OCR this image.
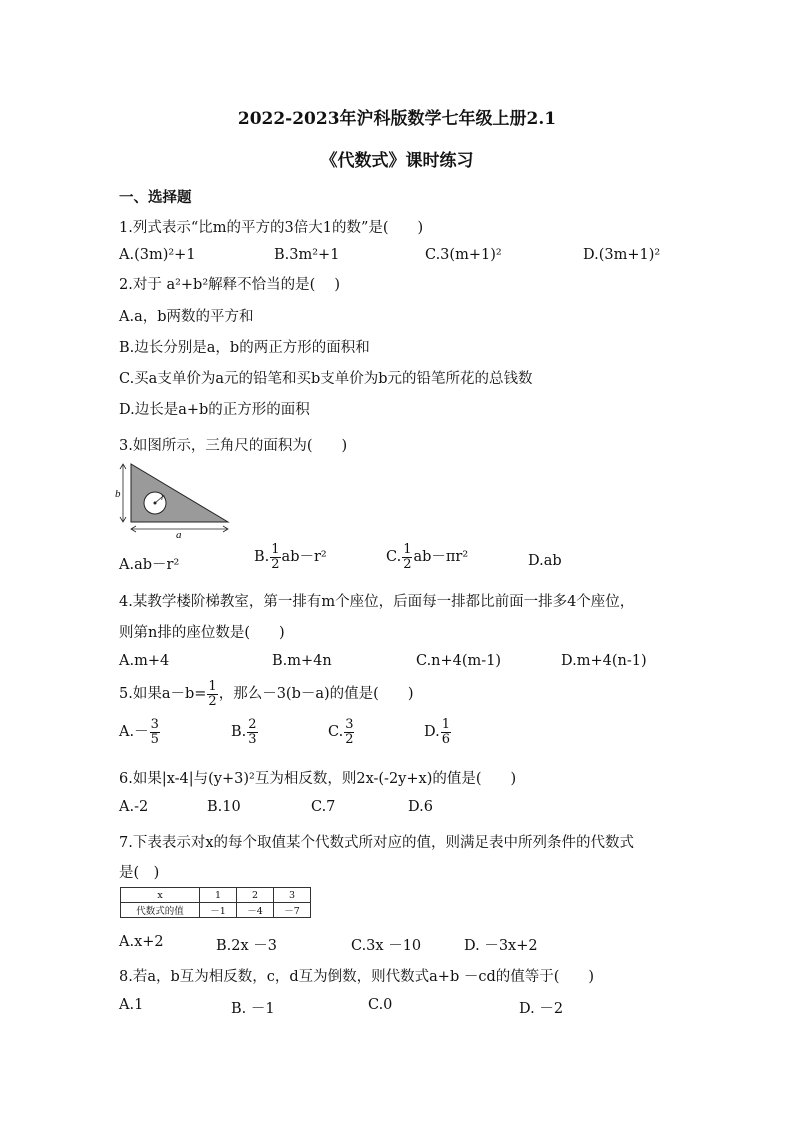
2022-2023年沪科版数学七年级上册2.1
《代数式》课时练习
一、选择题
1.列式表示“比m的平方的3倍大1的数”是(　　)
A.(3m)²+1	B.3m²+1	C.3(m+1)²	D.(3m+1)²
2.对于 a²+b²解释不恰当的是(　 )
A.a，b两数的平方和
B.边长分别是a，b的两正方形的面积和
C.买a支单价为a元的铅笔和买b支单价为b元的铅笔所花的总钱数
D.边长是a+b的正方形的面积
3.如图所示，三角尺的面积为(　　)
b	r
a
A.ab－r²	B. $\frac{1}{2} ab-r^2$	C. $\frac{1}{2} ab-\pi r^2$	D.ab
4.某教学楼阶梯教室，第一排有m个座位，后面每一排都比前面一排多4个座位，
则第n排的座位数是(　　)
A.m+4	B.m+4n	C.n+4(m-1)	D.m+4(n-1)
5.如果$a-b= \frac{1}{2}$ ，那么－3(b－a)的值是(　　)
$A.- \frac{3}{5}$	B. $\frac{2}{3}$	C. $\frac{3}{2}$	D. $\frac{1}{6}$
6.如果|x-4|与(y+3)²互为相反数，则2x-(-2y+x)的值是(　　)
A.-2	B.10	C.7	D.6
7.下表表示对x的每个取值某个代数式所对应的值，则满足表中所列条件的代数式
是(　)
x	1	2	3
代数式的值	－1	－4	－7
A.x+2	B.2x －3	C.3x －10	D. －3x+2
8.若a，b互为相反数，c，d互为倒数，则代数式a+b －cd的值等于(　　)
A.1	B. －1	C.0	D. －2
